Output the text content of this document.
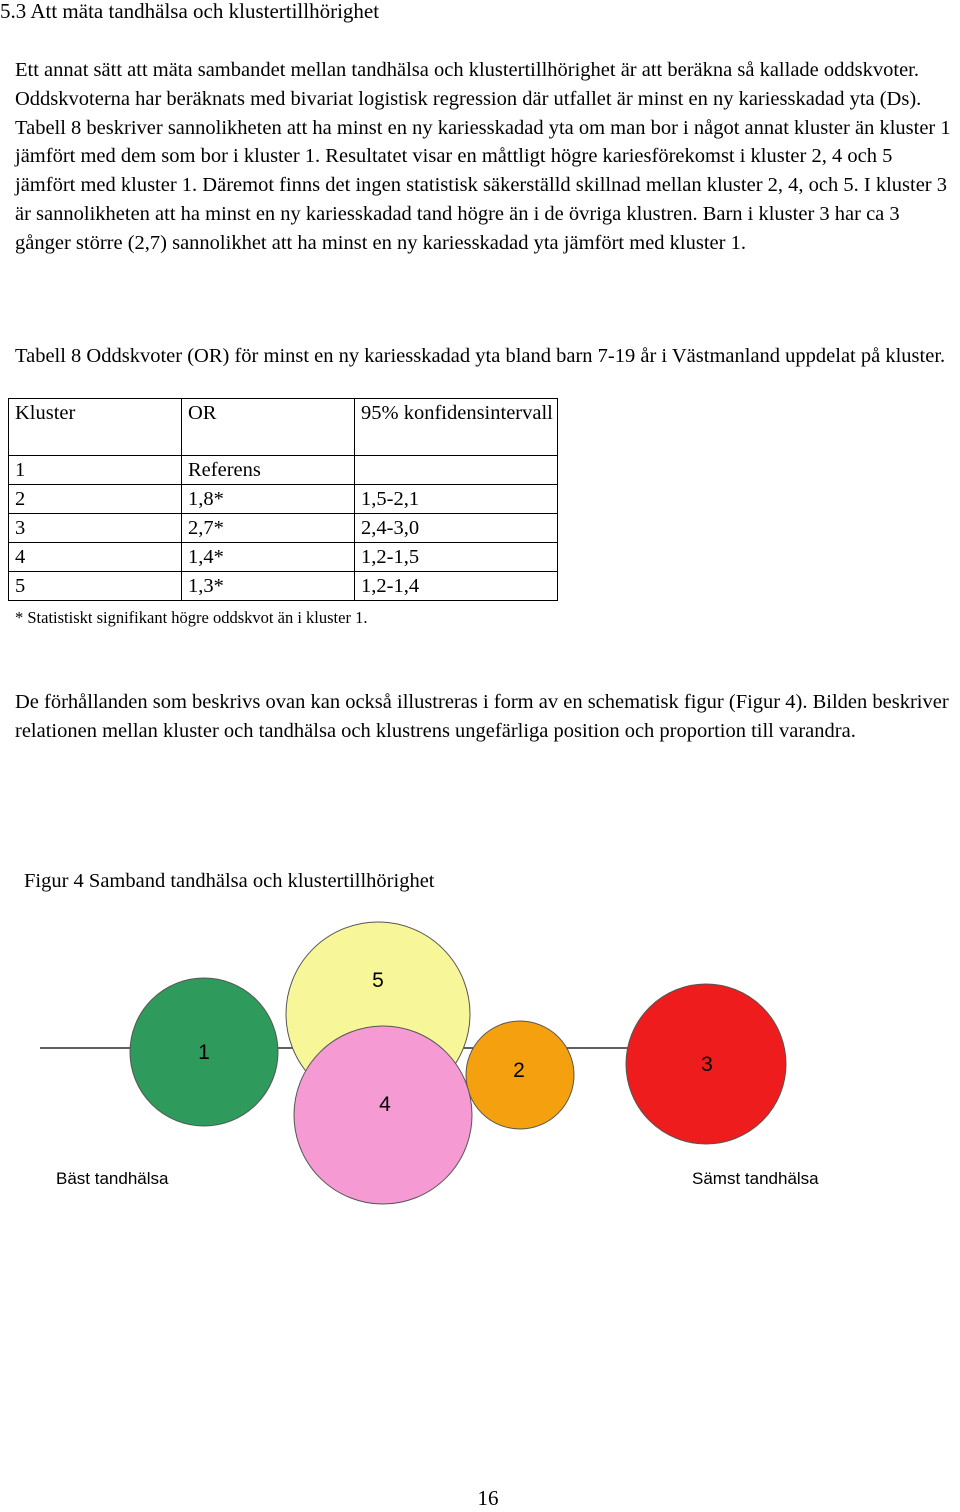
5.3 Att mäta tandhälsa och klustertillhörighet

Ett annat sätt att mäta sambandet mellan tandhälsa och klustertillhörighet är att beräkna så kallade oddskvoter. Oddskvoterna har beräknats med bivariat logistisk regression där utfallet är minst en ny kariesskadad yta (Ds). Tabell 8 beskriver sannolikheten att ha minst en ny kariesskadad yta om man bor i något annat kluster än kluster 1 jämfört med dem som bor i kluster 1. Resultatet visar en måttligt högre kariesförekomst i kluster 2, 4 och 5 jämfört med kluster 1. Däremot finns det ingen statistisk säkerställd skillnad mellan kluster 2, 4, och 5. I kluster 3 är sannolikheten att ha minst en ny kariesskadad tand högre än i de övriga klustren. Barn i kluster 3 har ca 3 gånger större (2,7) sannolikhet att ha minst en ny kariesskadad yta jämfört med kluster 1.

Tabell 8 Oddskvoter (OR) för minst en ny kariesskadad yta bland barn 7-19 år i Västmanland uppdelat på kluster.

Kluster	OR	95% konfidensintervall
1	Referens	
2	1,8*	1,5-2,1
3	2,7*	2,4-3,0
4	1,4*	1,2-1,5
5	1,3*	1,2-1,4
* Statistiskt signifikant högre oddskvot än i kluster 1.

De förhållanden som beskrivs ovan kan också illustreras i form av en schematisk figur (Figur 4). Bilden beskriver relationen mellan kluster och tandhälsa och klustrens ungefärliga position och proportion till varandra.

Figur 4 Samband tandhälsa och klustertillhörighet
5
1
3
2
4
Bäst tandhälsa	Sämst tandhälsa
16
